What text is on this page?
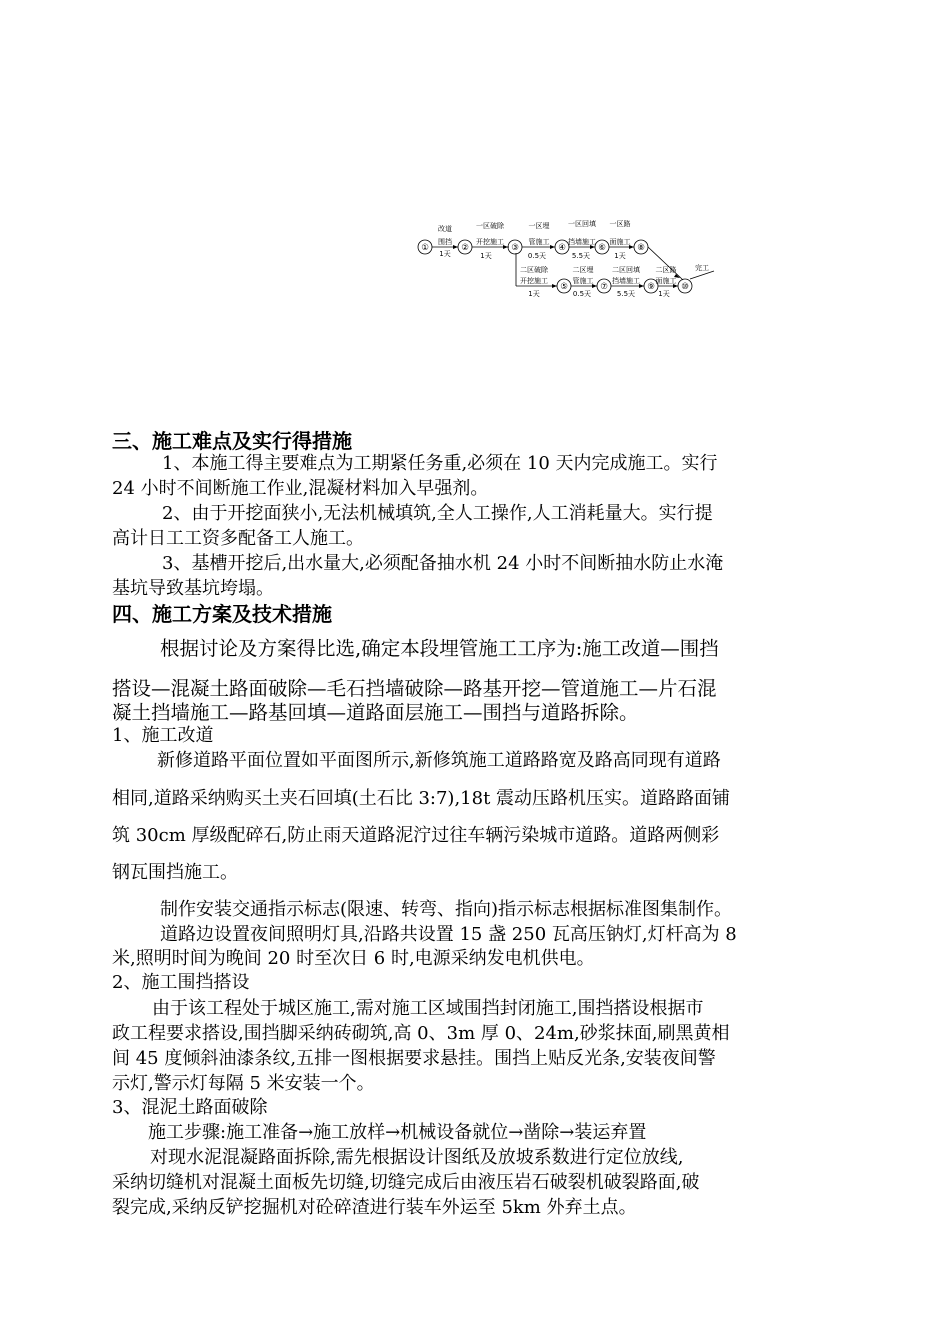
①	②	③	④	⑥	⑧
⑤	⑦	⑨	⑩
改道
围挡
1天
一区破除
开挖施工
1天
一区埋
管施工
0.5天
一区回填
挡墙施工
5.5天
一区路
面施工
1天
二区破除
开挖施工
1天
二区埋
管施工
0.5天
二区回填
挡墙施工
5.5天
二区路
面施工
1天
完工
三、施工难点及实行得措施
1、本施工得主要难点为工期紧任务重,必须在 10 天内完成施工。实行
24 小时不间断施工作业,混凝材料加入早强剂。
2、由于开挖面狭小,无法机械填筑,全人工操作,人工消耗量大。实行提
高计日工工资多配备工人施工。
3、基槽开挖后,出水量大,必须配备抽水机 24 小时不间断抽水防止水淹
基坑导致基坑垮塌。
四、施工方案及技术措施
根据讨论及方案得比选,确定本段埋管施工工序为:施工改道—围挡
搭设—混凝土路面破除—毛石挡墙破除—路基开挖—管道施工—片石混
凝土挡墙施工—路基回填—道路面层施工—围挡与道路拆除。
1、施工改道
新修道路平面位置如平面图所示,新修筑施工道路路宽及路高同现有道路
相同,道路采纳购买土夹石回填(土石比 3:7),18t 震动压路机压实。道路路面铺
筑 30cm 厚级配碎石,防止雨天道路泥泞过往车辆污染城市道路。道路两侧彩
钢瓦围挡施工。
制作安装交通指示标志(限速、转弯、指向)指示标志根据标准图集制作。
道路边设置夜间照明灯具,沿路共设置 15 盏 250 瓦高压钠灯,灯杆高为 8
米,照明时间为晚间 20 时至次日 6 时,电源采纳发电机供电。
2、施工围挡搭设
由于该工程处于城区施工,需对施工区域围挡封闭施工,围挡搭设根据市
政工程要求搭设,围挡脚采纳砖砌筑,高 0、3m 厚 0、24m,砂浆抹面,刷黑黄相
间 45 度倾斜油漆条纹,五排一图根据要求悬挂。围挡上贴反光条,安装夜间警
示灯,警示灯每隔 5 米安装一个。
3、混泥土路面破除
施工步骤:施工准备→施工放样→机械设备就位→凿除→装运弃置
对现水泥混凝路面拆除,需先根据设计图纸及放坡系数进行定位放线,
采纳切缝机对混凝土面板先切缝,切缝完成后由液压岩石破裂机破裂路面,破
裂完成,采纳反铲挖掘机对砼碎渣进行装车外运至 5km 外弃土点。
